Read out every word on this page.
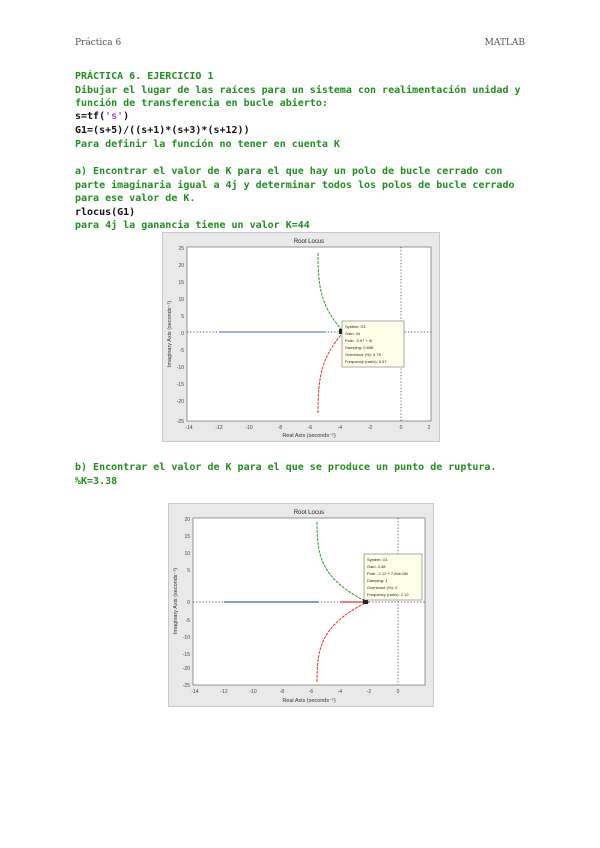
Práctica 6	MATLAB
PRÁCTICA 6. EJERCICIO 1
Dibujar el lugar de las raíces para un sistema con realimentación unidad y
función de transferencia en bucle abierto:
s=tf('s')
G1=(s+5)/((s+1)*(s+3)*(s+12))
Para definir la función no tener en cuenta K
a) Encontrar el valor de K para el que hay un polo de bucle cerrado con
parte imaginaria igual a 4j y determinar todos los polos de bucle cerrado
para ese valor de K.
rlocus(G1)
para 4j la ganancia tiene un valor K=44
Root Locus
25
20
15
10
5
0
-5
-10
-15
-20
-25
-14	-12	-10	-8	-6	-4	-2	0	2
Real Axis (seconds⁻¹)
Imaginary Axis (seconds⁻¹)	System: G1
Gain: 44
Pole: -3.97 + 4i
Damping: 0.696
Overshoot (%): 4.75
Frequency (rad/s): 5.57
b) Encontrar el valor de K para el que se produce un punto de ruptura.
%K=3.38
Root Locus
20
15
10
5
0
-5
-10
-15
-20
-25
-14	-12	-10	-8	-6	-4	-2	0
Real Axis (seconds⁻¹)
Imaginary Axis (seconds⁻¹)
System: G1
Gain: 3.38
Pole: -2.12 + 7.84e-08i
Damping: 1
Overshoot (%): 0
Frequency (rad/s): 2.12
